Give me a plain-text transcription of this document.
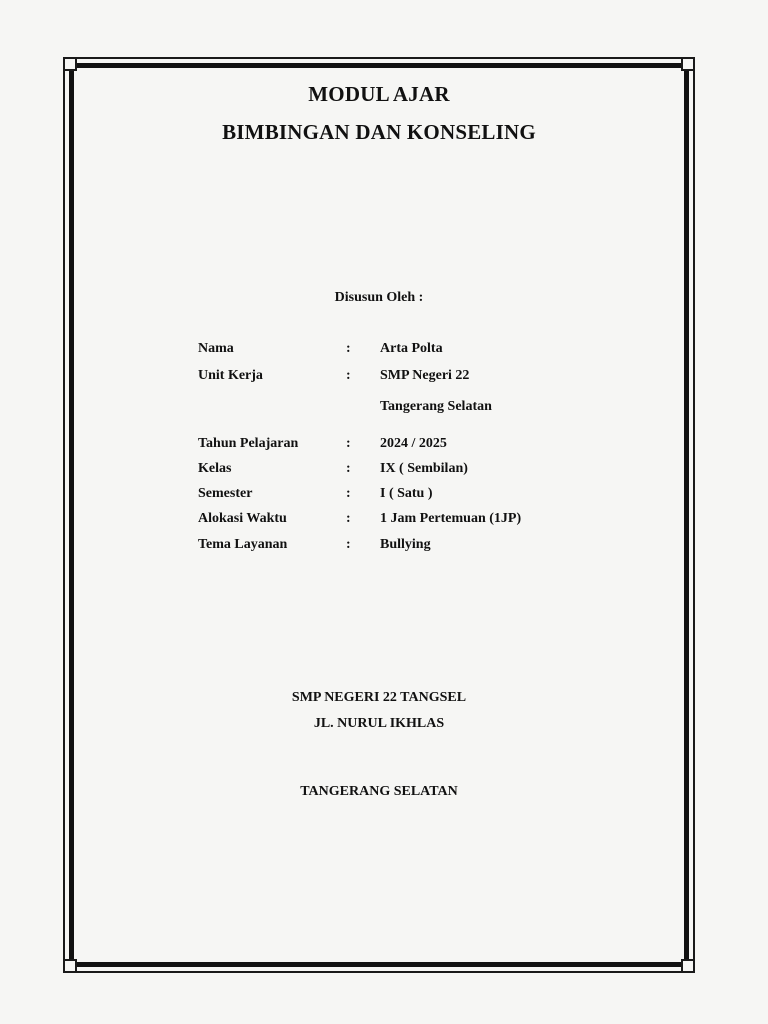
MODUL AJAR
BIMBINGAN DAN KONSELING
Disusun Oleh :
Nama	: Arta Polta
Unit Kerja	: SMP Negeri 22
Tangerang Selatan
Tahun Pelajaran	: 2024 / 2025
Kelas	: IX ( Sembilan)
Semester	: I ( Satu )
Alokasi Waktu	: 1 Jam Pertemuan (1JP)
Tema Layanan	: Bullying
SMP NEGERI 22 TANGSEL
JL. NURUL IKHLAS
TANGERANG SELATAN
